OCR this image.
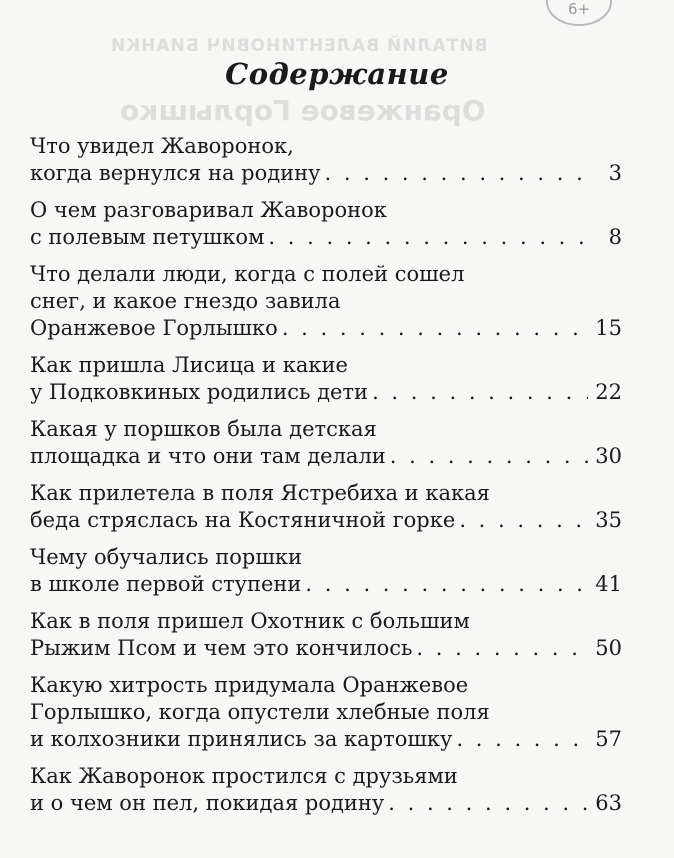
6+
ВИТАЛИЙ ВАЛЕНТИНОВИЧ БИАНКИ
Оранжевое Горлышко
Содержание
Что увидел Жаворонок,
когда вернулся на родину . . .	3
О чем разговаривал Жаворонок
с полевым петушком . . .	8
Что делали люди, когда с полей сошел
снег, и какое гнездо завила
Оранжевое Горлышко . . .	15
Как пришла Лисица и какие
у Подковкиных родились дети . . .	22
Какая у поршков была детская
площадка и что они там делали . . .	30
Как прилетела в поля Ястребиха и какая
беда стряслась на Костяничной горке . . .	35
Чему обучались поршки
в школе первой ступени . . .	41
Как в поля пришел Охотник с большим
Рыжим Псом и чем это кончилось . . .	50
Какую хитрость придумала Оранжевое
Горлышко, когда опустели хлебные поля
и колхозники принялись за картошку . . .	57
Как Жаворонок простился с друзьями
и о чем он пел, покидая родину . . .	63
